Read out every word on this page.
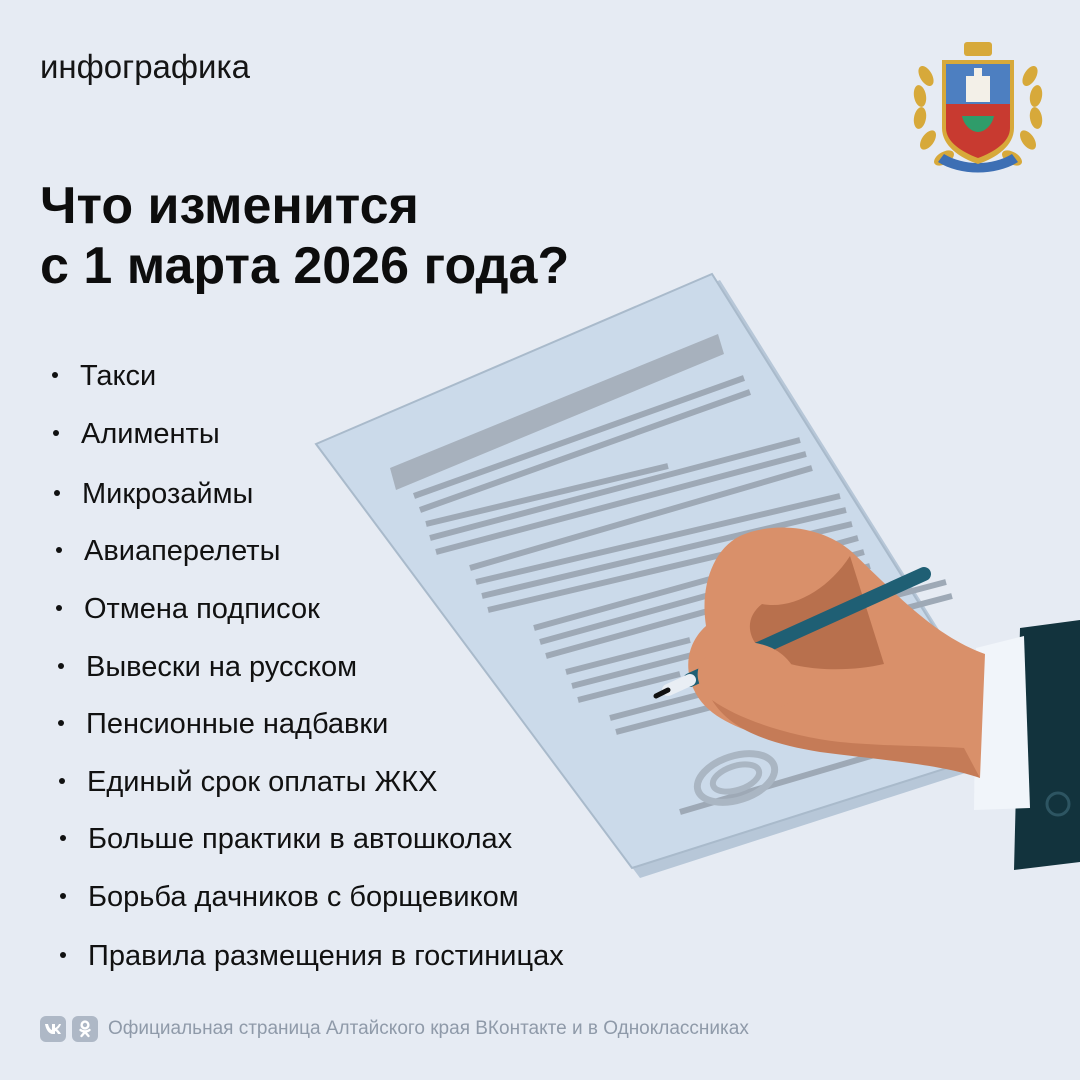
инфографика
Что изменится
с 1 марта 2026 года?
Такси
Алименты
Микрозаймы
Авиаперелеты
Отмена подписок
Вывески на русском
Пенсионные надбавки
Единый срок оплаты ЖКХ
Больше практики в автошколах
Борьба дачников с борщевиком
Правила размещения в гостиницах
Официальная страница Алтайского края ВКонтакте и в Одноклассниках
